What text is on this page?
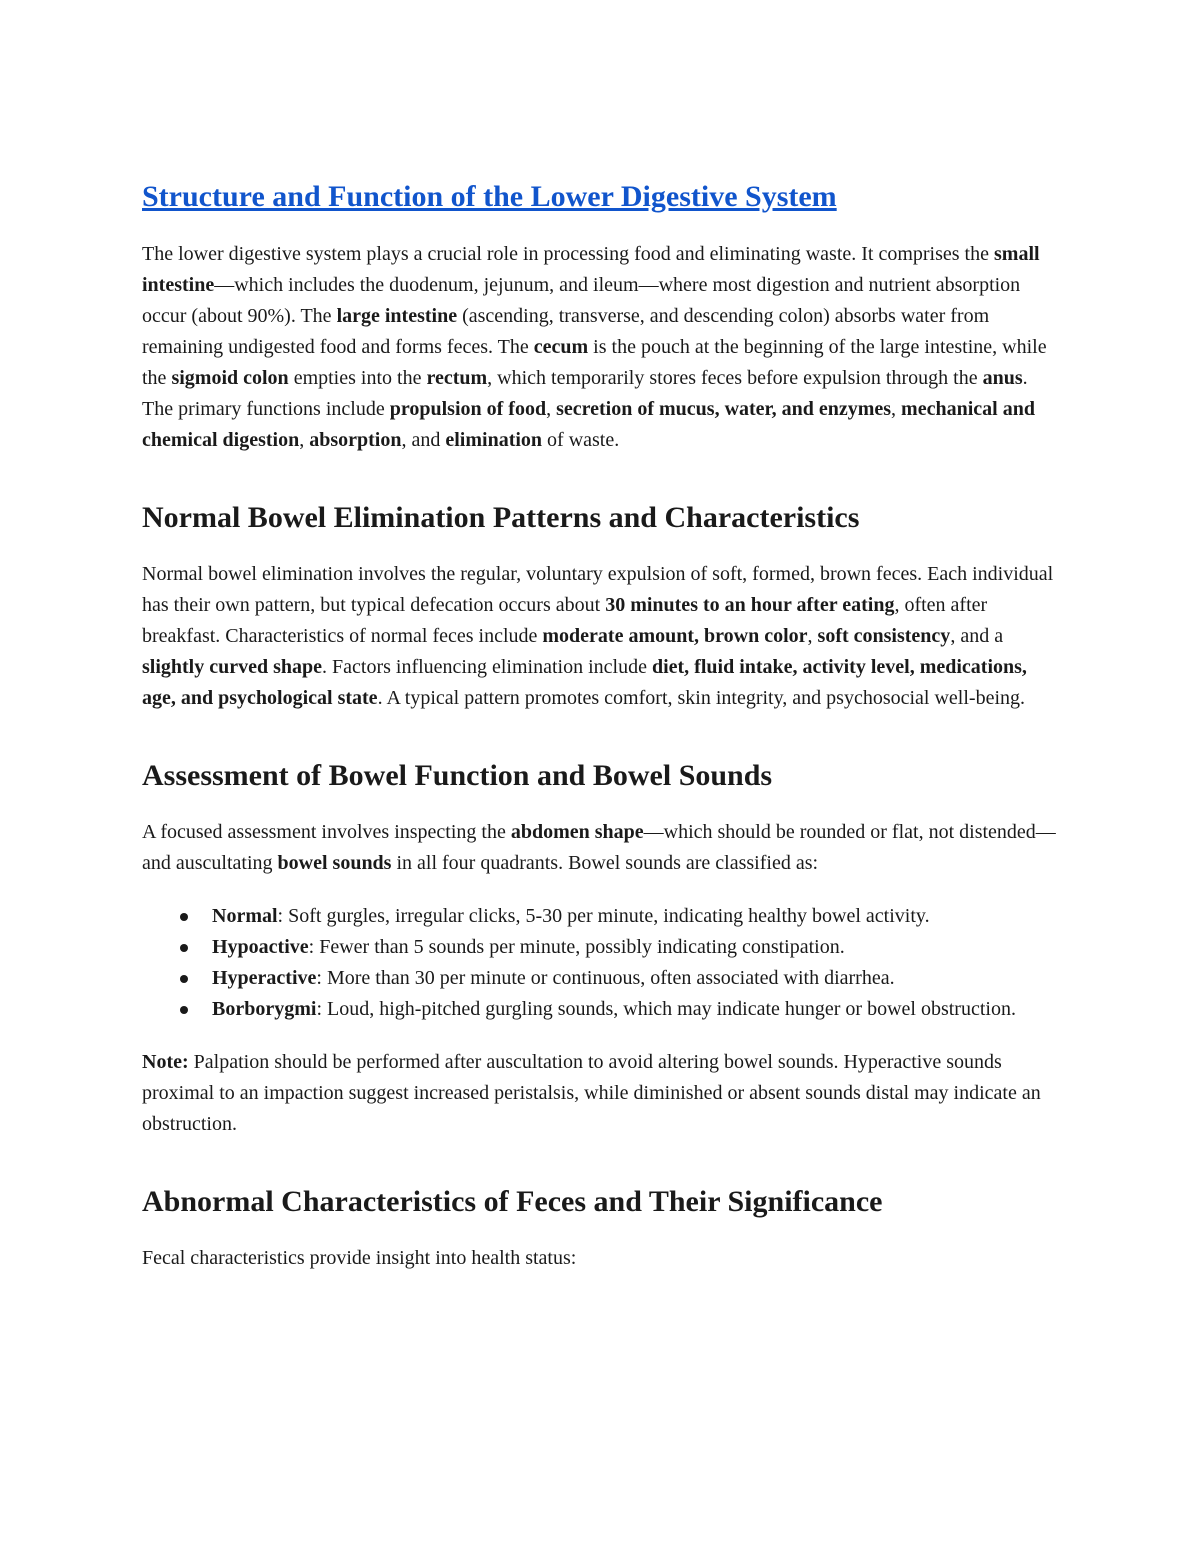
Structure and Function of the Lower Digestive System

The lower digestive system plays a crucial role in processing food and eliminating waste. It comprises the small intestine—which includes the duodenum, jejunum, and ileum—where most digestion and nutrient absorption occur (about 90%). The large intestine (ascending, transverse, and descending colon) absorbs water from remaining undigested food and forms feces. The cecum is the pouch at the beginning of the large intestine, while the sigmoid colon empties into the rectum, which temporarily stores feces before expulsion through the anus. The primary functions include propulsion of food, secretion of mucus, water, and enzymes, mechanical and chemical digestion, absorption, and elimination of waste.

Normal Bowel Elimination Patterns and Characteristics

Normal bowel elimination involves the regular, voluntary expulsion of soft, formed, brown feces. Each individual has their own pattern, but typical defecation occurs about 30 minutes to an hour after eating, often after breakfast. Characteristics of normal feces include moderate amount, brown color, soft consistency, and a slightly curved shape. Factors influencing elimination include diet, fluid intake, activity level, medications, age, and psychological state. A typical pattern promotes comfort, skin integrity, and psychosocial well-being.

Assessment of Bowel Function and Bowel Sounds

A focused assessment involves inspecting the abdomen shape—which should be rounded or flat, not distended—and auscultating bowel sounds in all four quadrants. Bowel sounds are classified as:

Normal: Soft gurgles, irregular clicks, 5-30 per minute, indicating healthy bowel activity.
Hypoactive: Fewer than 5 sounds per minute, possibly indicating constipation.
Hyperactive: More than 30 per minute or continuous, often associated with diarrhea.
Borborygmi: Loud, high-pitched gurgling sounds, which may indicate hunger or bowel obstruction.

Note: Palpation should be performed after auscultation to avoid altering bowel sounds. Hyperactive sounds proximal to an impaction suggest increased peristalsis, while diminished or absent sounds distal may indicate an obstruction.

Abnormal Characteristics of Feces and Their Significance

Fecal characteristics provide insight into health status:
